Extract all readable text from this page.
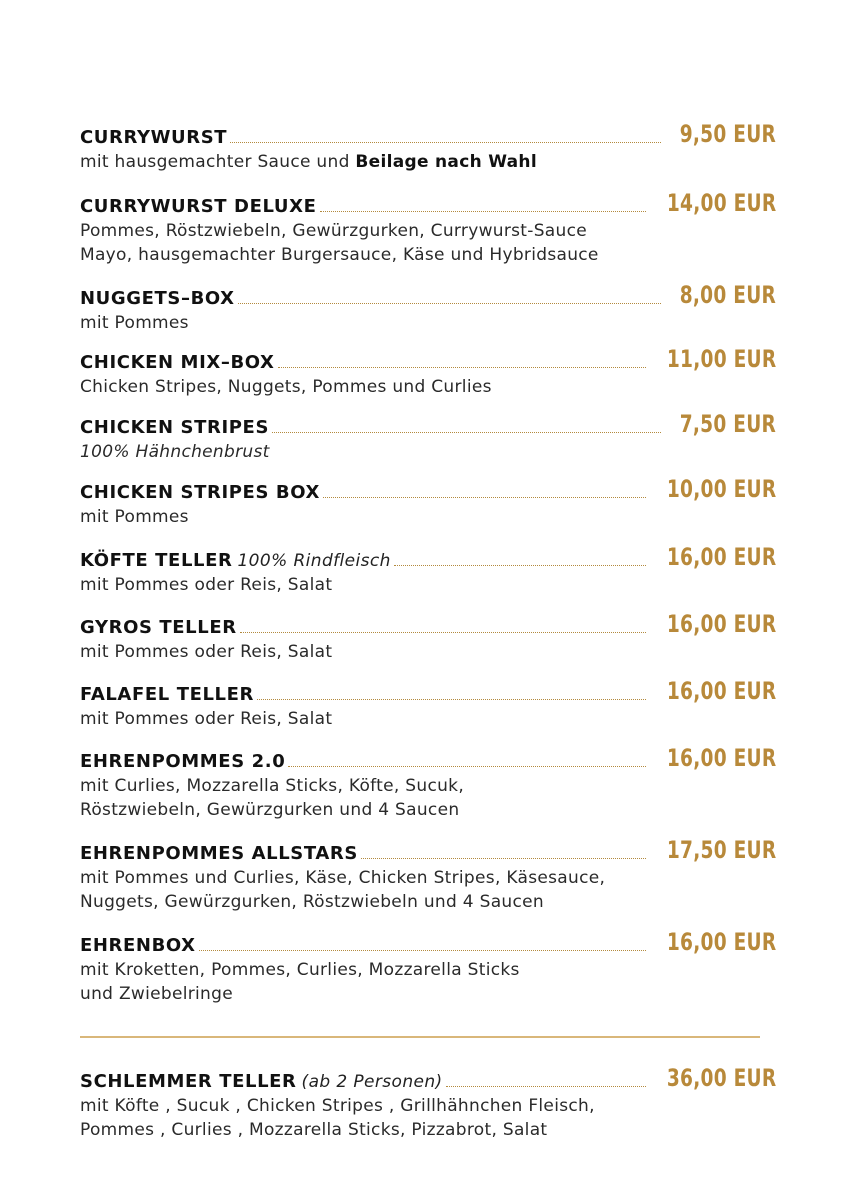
CURRYWURST	9,50 EUR
mit hausgemachter Sauce und Beilage nach Wahl
CURRYWURST DELUXE	14,00 EUR
Pommes, Röstzwiebeln, Gewürzgurken, Currywurst-Sauce
Mayo, hausgemachter Burgersauce, Käse und Hybridsauce
NUGGETS–BOX	8,00 EUR
mit Pommes
CHICKEN MIX–BOX	11,00 EUR
Chicken Stripes, Nuggets, Pommes und Curlies
CHICKEN STRIPES	7,50 EUR
100% Hähnchenbrust
CHICKEN STRIPES BOX	10,00 EUR
mit Pommes
KÖFTE TELLER 100% Rindfleisch	16,00 EUR
mit Pommes oder Reis, Salat
GYROS TELLER	16,00 EUR
mit Pommes oder Reis, Salat
FALAFEL TELLER	16,00 EUR
mit Pommes oder Reis, Salat
EHRENPOMMES 2.0	16,00 EUR
mit Curlies, Mozzarella Sticks, Köfte, Sucuk,
Röstzwiebeln, Gewürzgurken und 4 Saucen
EHRENPOMMES ALLSTARS	17,50 EUR
mit Pommes und Curlies, Käse, Chicken Stripes, Käsesauce,
Nuggets, Gewürzgurken, Röstzwiebeln und 4 Saucen
EHRENBOX	16,00 EUR
mit Kroketten, Pommes, Curlies, Mozzarella Sticks
und Zwiebelringe
SCHLEMMER TELLER (ab 2 Personen)	36,00 EUR
mit Köfte , Sucuk , Chicken Stripes , Grillhähnchen Fleisch,
Pommes , Curlies , Mozzarella Sticks, Pizzabrot, Salat
